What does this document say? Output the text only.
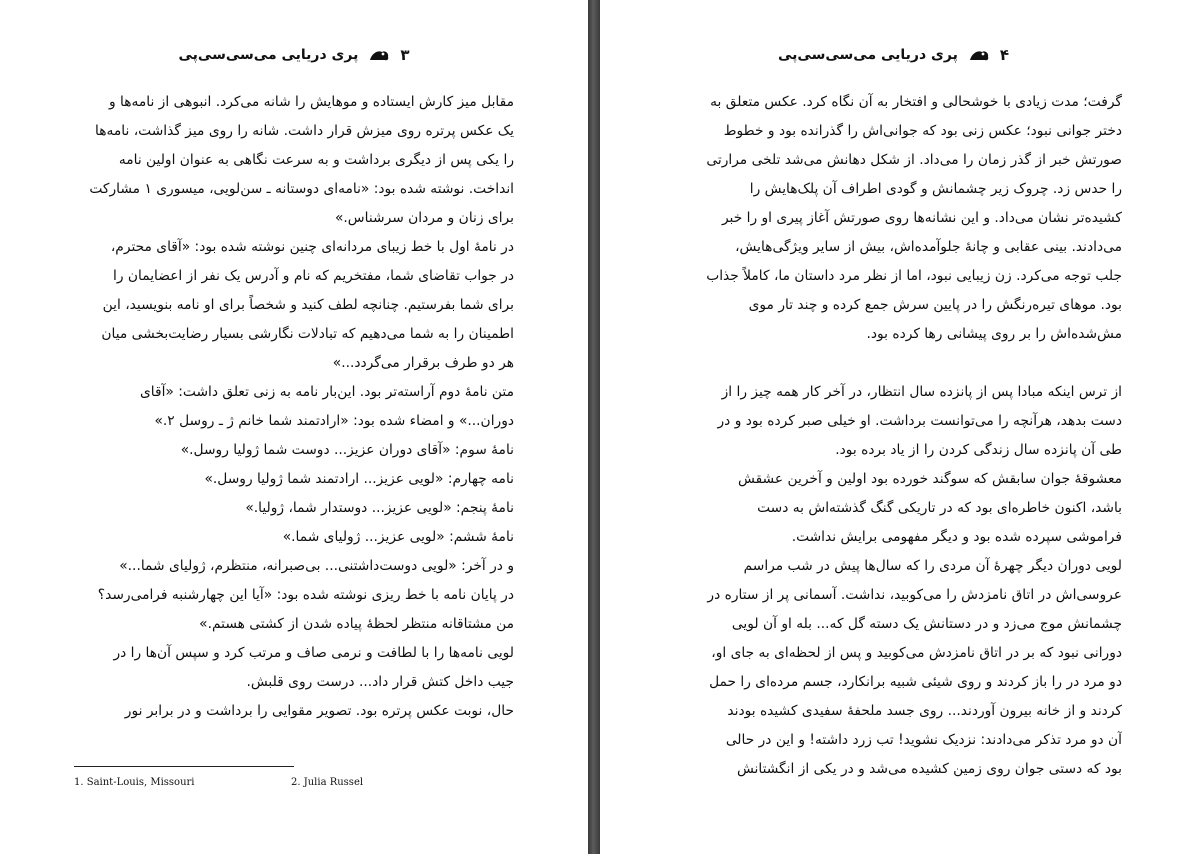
پری دریایی می‌سی‌سی‌پی	۳

مقابل میز کارش ایستاده و موهایش را شانه می‌کرد. انبوهی از نامه‌ها و

یک عکس پرتره روی میزش قرار داشت. شانه را روی میز گذاشت، نامه‌ها

را یکی پس از دیگری برداشت و به سرعت نگاهی به عنوان اولین نامه

انداخت. نوشته شده بود: «نامه‌ای دوستانه ـ سن‌لویی، میسوری ۱ مشارکت

برای زنان و مردان سرشناس.»

در نامهٔ اول با خط زیبای مردانه‌ای چنین نوشته شده بود: «آقای محترم،

در جواب تقاضای شما، مفتخریم که نام و آدرس یک نفر از اعضایمان را

برای شما بفرستیم. چنانچه لطف کنید و شخصاً برای او نامه بنویسید، این

اطمینان را به شما می‌دهیم که تبادلات نگارشی بسیار رضایت‌بخشی میان

هر دو طرف برقرار می‌گردد...»

متن نامهٔ دوم آراسته‌تر بود. این‌بار نامه به زنی تعلق داشت: «آقای

دوران...» و امضاء شده بود: «ارادتمند شما خانم ژ ـ روسل ۲.»

نامهٔ سوم: «آقای دوران عزیز... دوست شما ژولیا روسل.»

نامه چهارم: «لویی عزیز... ارادتمند شما ژولیا روسل.»

نامهٔ پنجم: «لویی عزیز... دوستدار شما، ژولیا.»

نامهٔ ششم: «لویی عزیز... ژولیای شما.»

و در آخر: «لویی دوست‌داشتنی... بی‌صبرانه، منتظرم، ژولیای شما...»

در پایان نامه با خط ریزی نوشته شده بود: «آیا این چهارشنبه فرامی‌رسد؟

من مشتاقانه منتظر لحظهٔ پیاده شدن از کشتی هستم.»

لویی نامه‌ها را با لطافت و نرمی صاف و مرتب کرد و سپس آن‌ها را در

جیب داخل کتش قرار داد... درست روی قلبش.

حال، نوبت عکس پرتره بود. تصویر مقوایی را برداشت و در برابر نور

1. Saint-Louis, Missouri	2. Julia Russel
پری دریایی می‌سی‌سی‌پی	۴

گرفت؛ مدت زیادی با خوشحالی و افتخار به آن نگاه کرد. عکس متعلق به

دختر جوانی نبود؛ عکس زنی بود که جوانی‌اش را گذرانده بود و خطوط

صورتش خبر از گذر زمان را می‌داد. از شکل دهانش می‌شد تلخی مرارتی

را حدس زد. چروک زیر چشمانش و گودی اطراف آن پلک‌هایش را

کشیده‌تر نشان می‌داد. و این نشانه‌ها روی صورتش آغاز پیری او را خبر

می‌دادند. بینی عقابی و چانهٔ جلوآمده‌اش، بیش از سایر ویژگی‌هایش،

جلب توجه می‌کرد. زن زیبایی نبود، اما از نظر مرد داستان ما، کاملاً جذاب

بود. موهای تیره‌رنگش را در پایین سرش جمع کرده و چند تار موی

مش‌شده‌اش را بر روی پیشانی رها کرده بود.

از ترس اینکه مبادا پس از پانزده سال انتظار، در آخر کار همه چیز را از

دست بدهد، هرآنچه را می‌توانست برداشت. او خیلی صبر کرده بود و در

طی آن پانزده سال زندگی کردن را از یاد برده بود.

معشوقهٔ جوان سابقش که سوگند خورده بود اولین و آخرین عشقش

باشد، اکنون خاطره‌ای بود که در تاریکی گنگ گذشته‌اش به دست

فراموشی سپرده شده بود و دیگر مفهومی برایش نداشت.

لویی دوران دیگر چهرهٔ آن مردی را که سال‌ها پیش در شب مراسم

عروسی‌اش در اتاق نامزدش را می‌کوبید، نداشت. آسمانی پر از ستاره در

چشمانش موج می‌زد و در دستانش یک دسته گل که... بله او آن لویی

دورانی نبود که بر در اتاق نامزدش می‌کوبید و پس از لحظه‌ای به جای او،

دو مرد در را باز کردند و روی شیئی شبیه برانکارد، جسم مرده‌ای را حمل

کردند و از خانه بیرون آوردند... روی جسد ملحفهٔ سفیدی کشیده بودند

آن دو مرد تذکر می‌دادند: نزدیک نشوید! تب زرد داشته! و این در حالی

بود که دستی جوان روی زمین کشیده می‌شد و در یکی از انگشتانش
